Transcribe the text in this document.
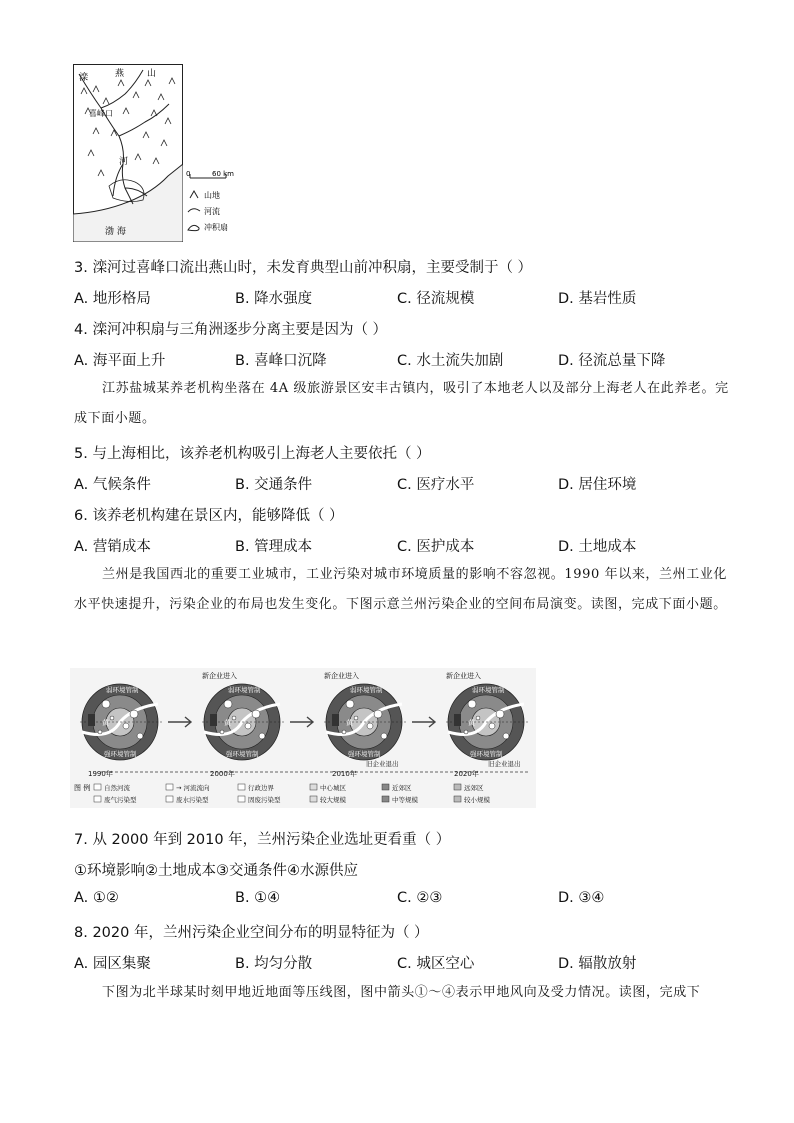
滦	燕	山
喜峰口
河
渤 海
0	60 km
山地
河流
冲积扇
3. 滦河过喜峰口流出燕山时，未发育典型山前冲积扇，主要受制于（ ）
A. 地形格局	B. 降水强度	C. 径流规模	D. 基岩性质
4. 滦河冲积扇与三角洲逐步分离主要是因为（ ）
A. 海平面上升	B. 喜峰口沉降	C. 水土流失加剧	D. 径流总量下降
江苏盐城某养老机构坐落在 4A 级旅游景区安丰古镇内，吸引了本地老人以及部分上海老人在此养老。完成下面小题。
5. 与上海相比，该养老机构吸引上海老人主要依托（ ）
A. 气候条件	B. 交通条件	C. 医疗水平	D. 居住环境
6. 该养老机构建在景区内，能够降低（ ）
A. 营销成本	B. 管理成本	C. 医护成本	D. 土地成本
兰州是我国西北的重要工业城市，工业污染对城市环境质量的影响不容忽视。1990 年以来，兰州工业化水平快速提升，污染企业的布局也发生变化。下图示意兰州污染企业的空间布局演变。读图，完成下面小题。
黄
弱环境管制
强环境管制
1990年
黄
弱环境管制
强环境管制
新企业进入
2000年
黄
弱环境管制
强环境管制
新企业进入
旧企业退出
2010年
黄
弱环境管制
强环境管制
新企业进入
旧企业退出
2020年
图 例 自然河流	→ 河流流向	行政边界	中心城区	近郊区	远郊区
废气污染型	废水污染型	固废污染型	较大规模	中等规模	较小规模
7. 从 2000 年到 2010 年，兰州污染企业选址更看重（ ）
①环境影响②土地成本③交通条件④水源供应
A. ①②	B. ①④	C. ②③	D. ③④
8. 2020 年，兰州污染企业空间分布的明显特征为（ ）
A. 园区集聚	B. 均匀分散	C. 城区空心	D. 辐散放射
下图为北半球某时刻甲地近地面等压线图，图中箭头①～④表示甲地风向及受力情况。读图，完成下
